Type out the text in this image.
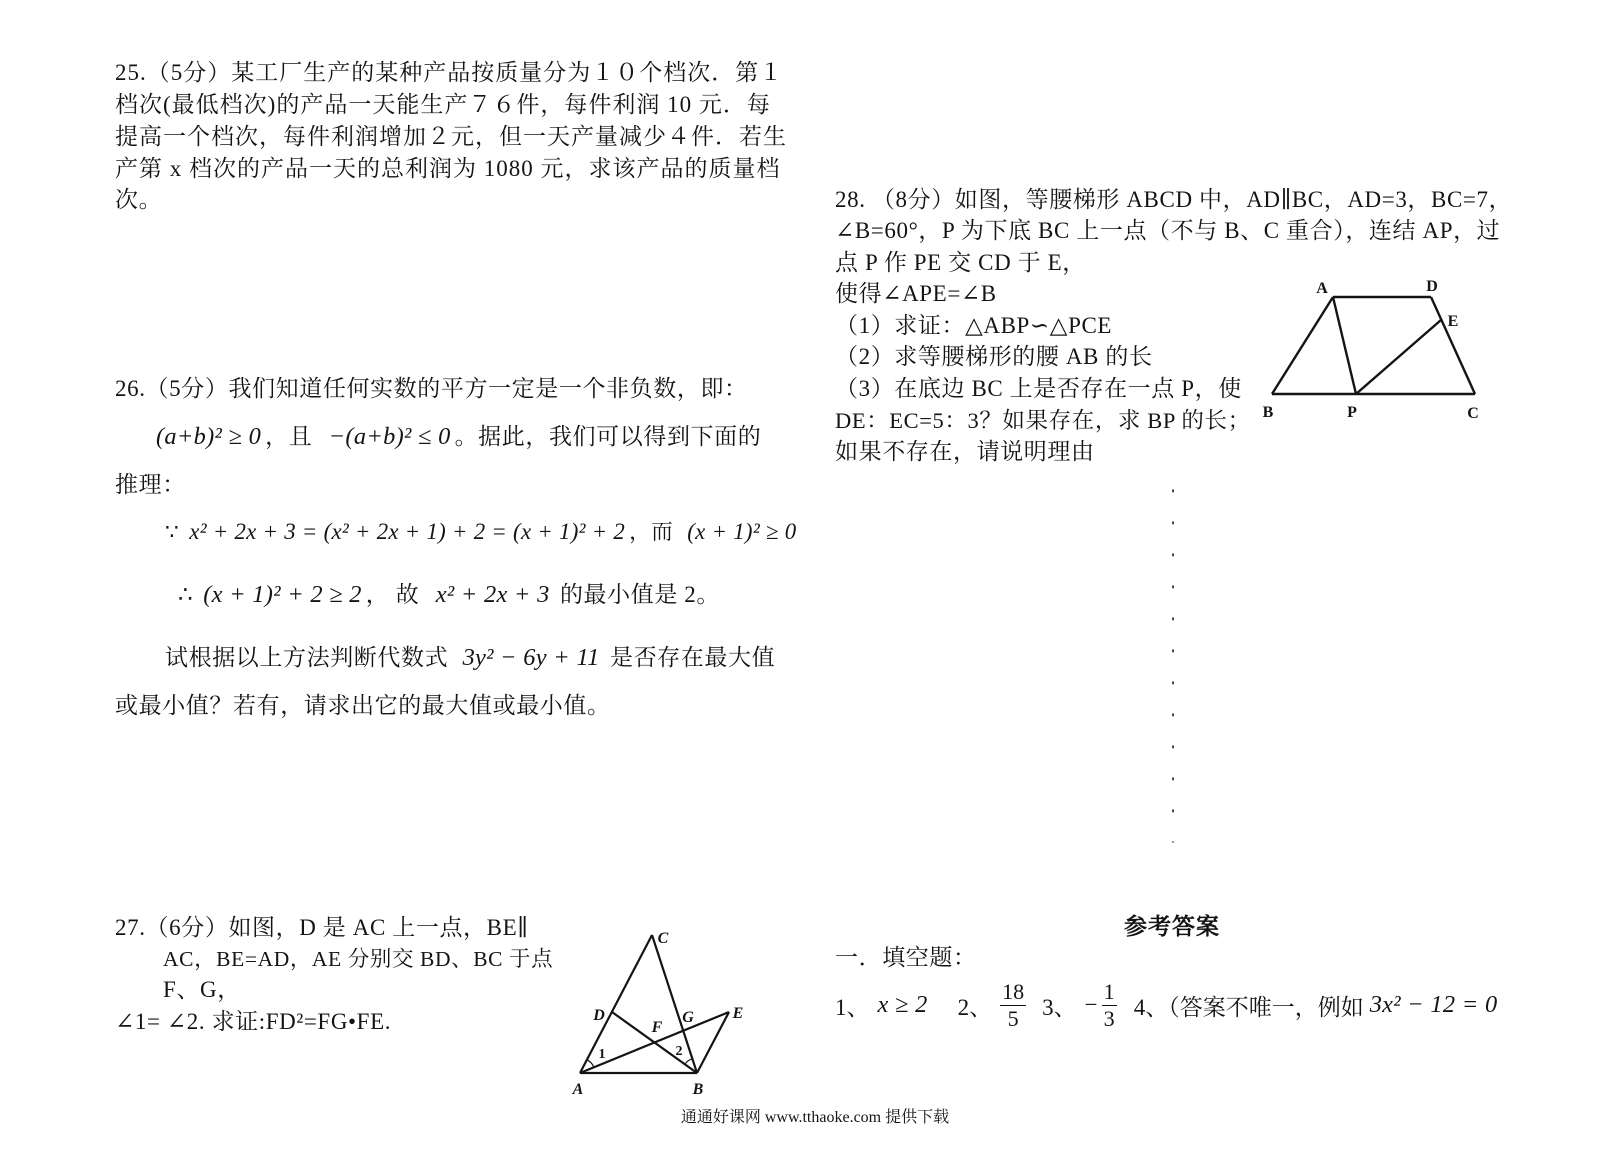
25.（5分）某工厂生产的某种产品按质量分为１０个档次．第１
档次(最低档次)的产品一天能生产７６件，每件利润 10 元．每
提高一个档次，每件利润增加２元，但一天产量减少４件．若生
产第 x 档次的产品一天的总利润为 1080 元，求该产品的质量档
次。
26.（5分）我们知道任何实数的平方一定是一个非负数，即：
(a+b)² ≥ 0 ，且 −(a+b)² ≤ 0 。据此，我们可以得到下面的
推理：
∵ x² + 2x + 3 = (x² + 2x + 1) + 2 = (x + 1)² + 2 ，而 (x + 1)² ≥ 0
∴ (x + 1)² + 2 ≥ 2 ， 故 x² + 2x + 3 的最小值是 2。
试根据以上方法判断代数式 3y² − 6y + 11 是否存在最大值
或最小值？若有，请求出它的最大值或最小值。
27.（6分）如图，D 是 AC 上一点，BE∥
AC，BE=AD，AE 分别交 BD、BC 于点
F、G，
∠1= ∠2. 求证:FD²=FG•FE.
C
D	E
F
G
A	B
1	2
28. （8分）如图，等腰梯形 ABCD 中，AD∥BC，AD=3，BC=7，
∠B=60°，P 为下底 BC 上一点（不与 B、C 重合），连结 AP，过
点 P 作 PE 交 CD 于 E，
使得∠APE=∠B
（1）求证：△ABP∽△PCE
（2）求等腰梯形的腰 AB 的长
（3）在底边 BC 上是否存在一点 P，使
DE：EC=5：3？如果存在，求 BP 的长；
如果不存在，请说明理由
A	D
E
B	P	C
参考答案
一．填空题：
1、 x ≥ 2 2、 $\frac{18}{5} 3$、 − $\frac{1}{3} 4$、（答案不唯一，例如 3x² − 12 = 0
通通好课网 www.tthaoke.com 提供下载
